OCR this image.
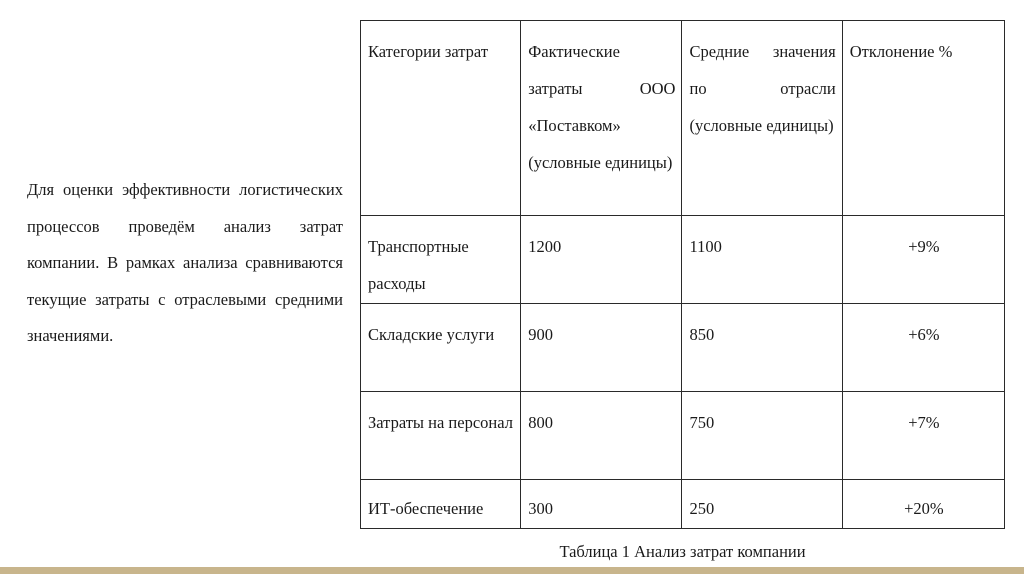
Для оценки эффективности логистических процессов проведём анализ затрат компании. В рамках анализа сравниваются текущие затраты с отраслевыми средними значениями.
Категории затрат	Фактические затраты ООО «Поставком» (условные единицы)	Средние значения по отрасли (условные единицы)	Отклонение %
Транспортные расходы	1200	1100	+9%
Складские услуги	900	850	+6%
Затраты на персонал	800	750	+7%
ИТ-обеспечение	300	250	+20%
Таблица 1 Анализ затрат компании
